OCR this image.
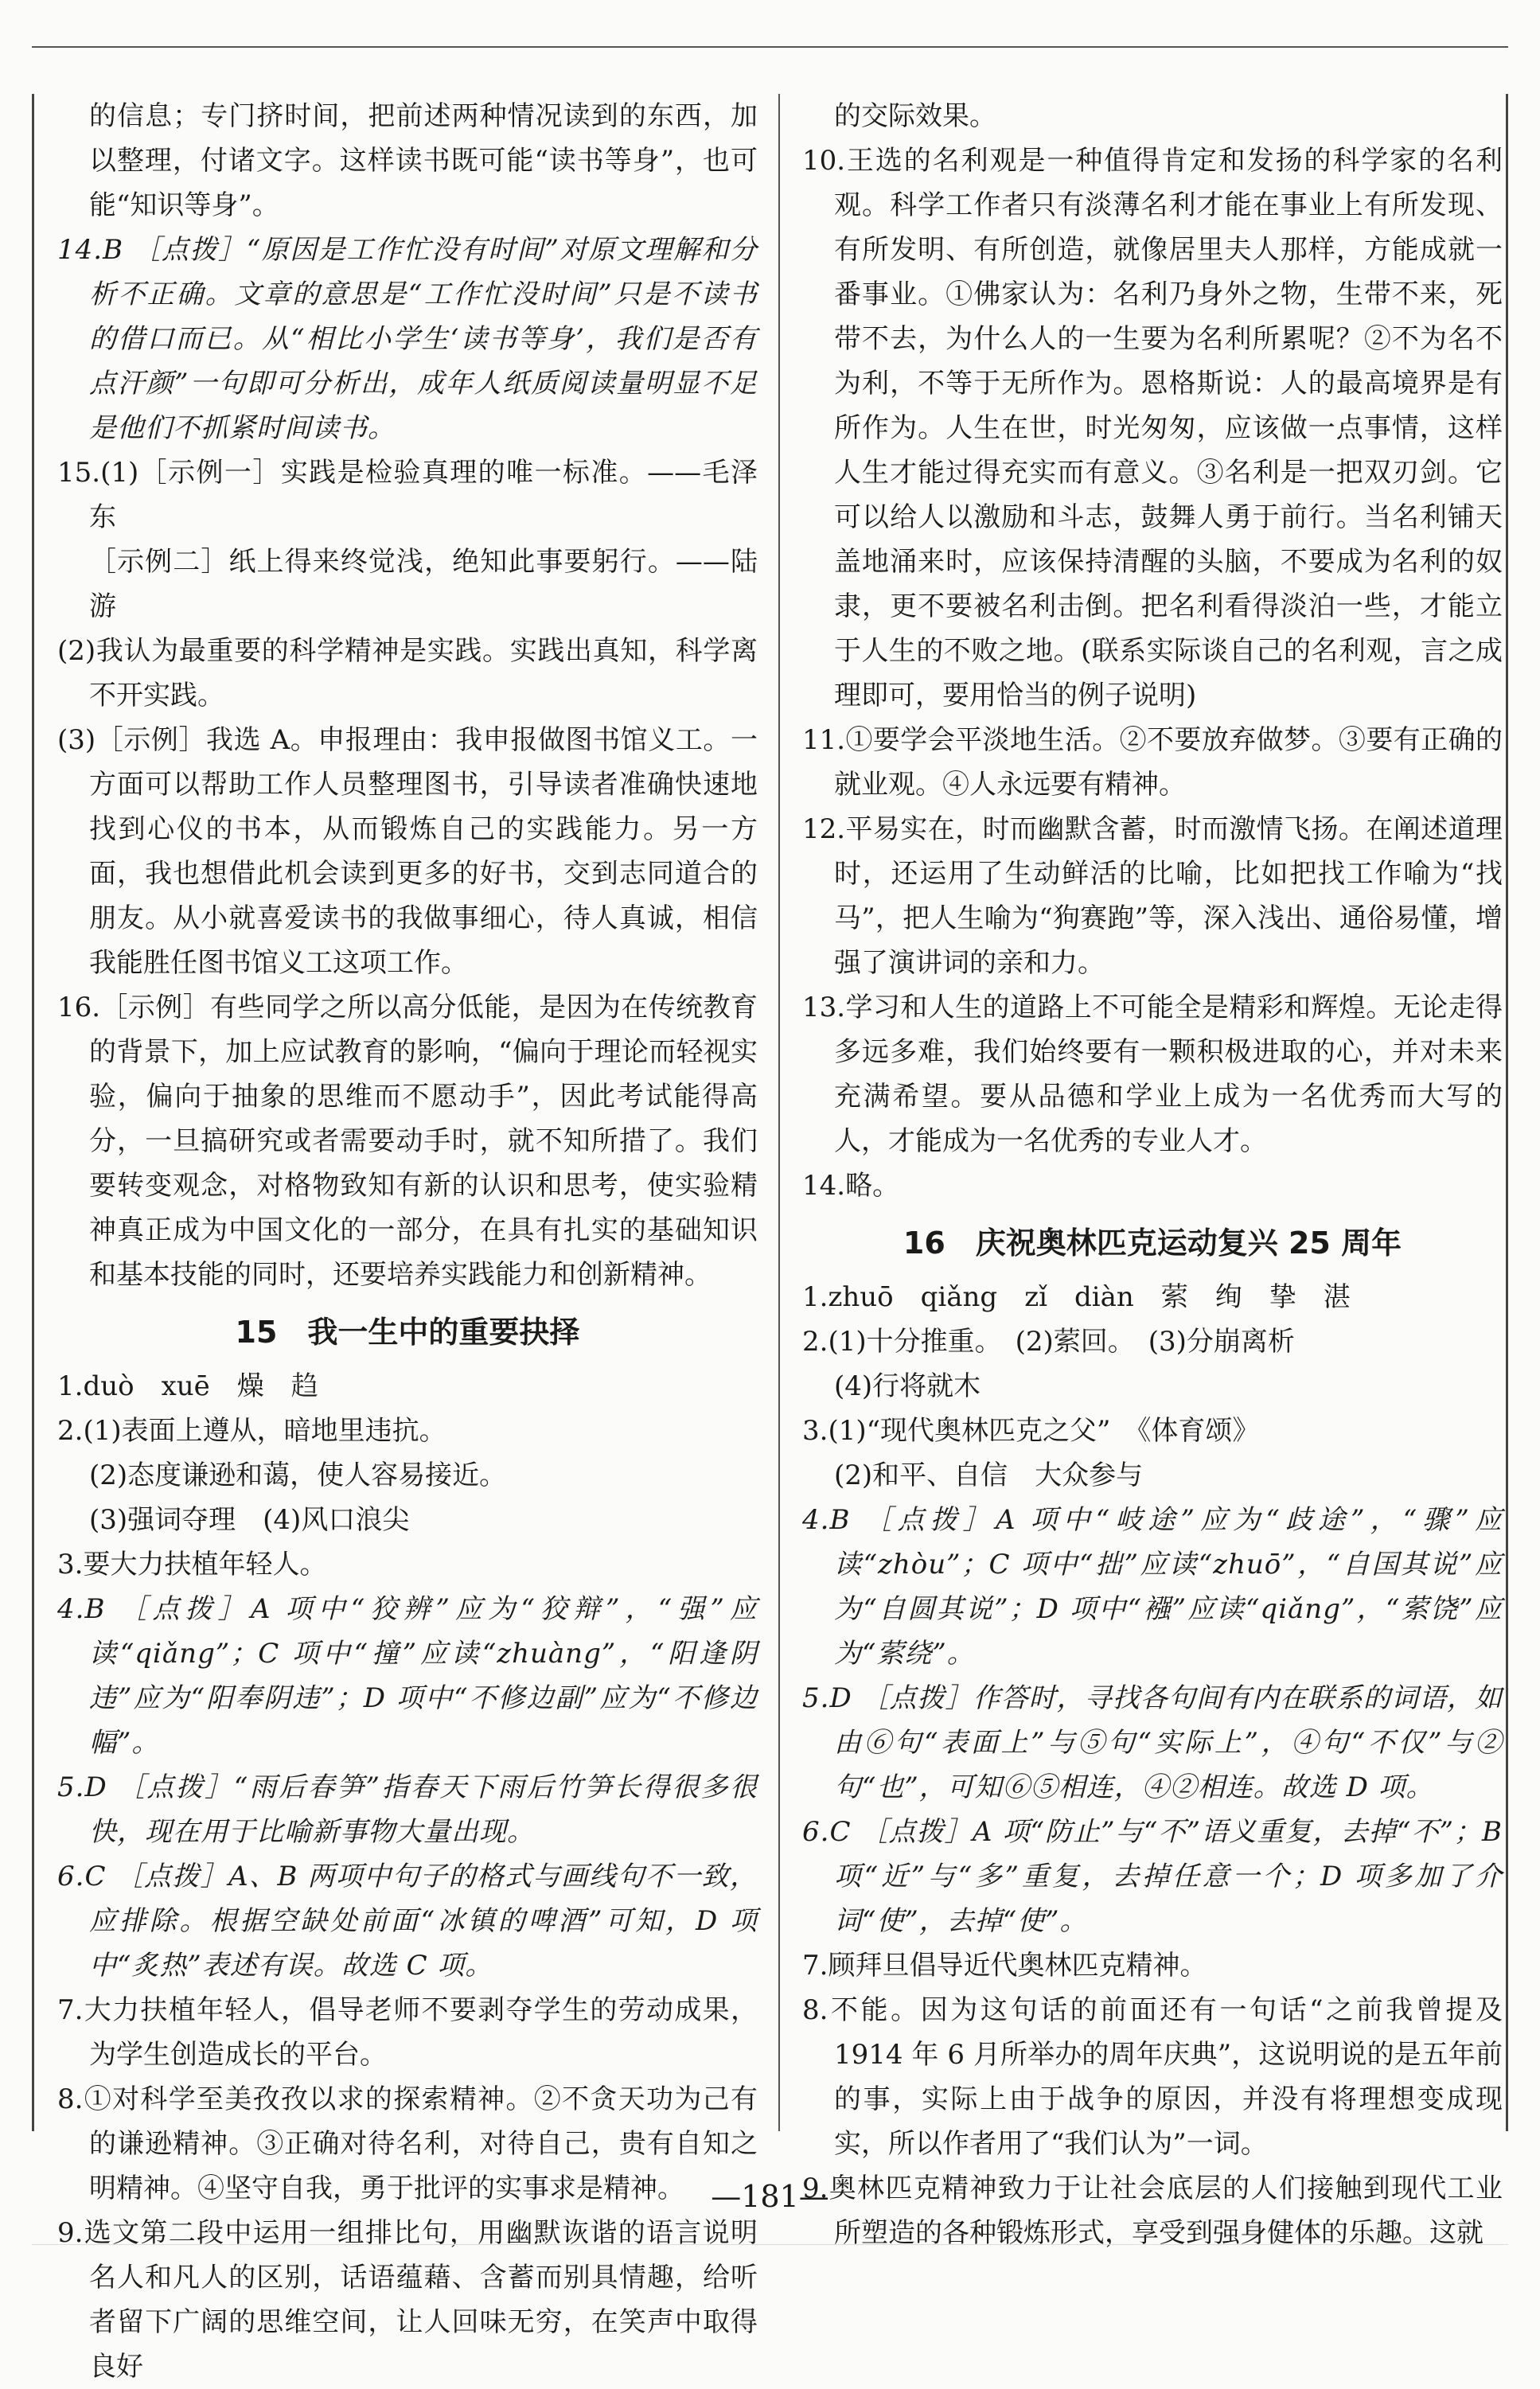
的信息；专门挤时间，把前述两种情况读到的东西，加以整理，付诸文字。这样读书既可能“读书等身”，也可能“知识等身”。

14.B ［点拨］“原因是工作忙没有时间”对原文理解和分析不正确。文章的意思是“工作忙没时间”只是不读书的借口而已。从“相比小学生‘读书等身’，我们是否有点汗颜”一句即可分析出，成年人纸质阅读量明显不足是他们不抓紧时间读书。

15.(1)［示例一］实践是检验真理的唯一标准。——毛泽东

［示例二］纸上得来终觉浅，绝知此事要躬行。——陆游

(2)我认为最重要的科学精神是实践。实践出真知，科学离不开实践。

(3)［示例］我选 A。申报理由：我申报做图书馆义工。一方面可以帮助工作人员整理图书，引导读者准确快速地找到心仪的书本，从而锻炼自己的实践能力。另一方面，我也想借此机会读到更多的好书，交到志同道合的朋友。从小就喜爱读书的我做事细心，待人真诚，相信我能胜任图书馆义工这项工作。

16.［示例］有些同学之所以高分低能，是因为在传统教育的背景下，加上应试教育的影响，“偏向于理论而轻视实验，偏向于抽象的思维而不愿动手”，因此考试能得高分，一旦搞研究或者需要动手时，就不知所措了。我们要转变观念，对格物致知有新的认识和思考，使实验精神真正成为中国文化的一部分，在具有扎实的基础知识和基本技能的同时，还要培养实践能力和创新精神。

15　我一生中的重要抉择

1.duò　xuē　燥　趋

2.(1)表面上遵从，暗地里违抗。

(2)态度谦逊和蔼，使人容易接近。

(3)强词夺理　(4)风口浪尖

3.要大力扶植年轻人。

4.B ［点拨］A 项中“狡辨”应为“狡辩”，“强”应读“qiǎng”；C 项中“撞”应读“zhuàng”，“阳逢阴违”应为“阳奉阴违”；D 项中“不修边副”应为“不修边幅”。

5.D ［点拨］“雨后春笋”指春天下雨后竹笋长得很多很快，现在用于比喻新事物大量出现。

6.C ［点拨］A、B 两项中句子的格式与画线句不一致，应排除。根据空缺处前面“冰镇的啤酒”可知，D 项中“炙热”表述有误。故选 C 项。

7.大力扶植年轻人，倡导老师不要剥夺学生的劳动成果，为学生创造成长的平台。

8.①对科学至美孜孜以求的探索精神。②不贪天功为己有的谦逊精神。③正确对待名利，对待自己，贵有自知之明精神。④坚守自我，勇于批评的实事求是精神。

9.选文第二段中运用一组排比句，用幽默诙谐的语言说明名人和凡人的区别，话语蕴藉、含蓄而别具情趣，给听者留下广阔的思维空间，让人回味无穷，在笑声中取得良好

的交际效果。

10.王选的名利观是一种值得肯定和发扬的科学家的名利观。科学工作者只有淡薄名利才能在事业上有所发现、有所发明、有所创造，就像居里夫人那样，方能成就一番事业。①佛家认为：名利乃身外之物，生带不来，死带不去，为什么人的一生要为名利所累呢？②不为名不为利，不等于无所作为。恩格斯说：人的最高境界是有所作为。人生在世，时光匆匆，应该做一点事情，这样人生才能过得充实而有意义。③名利是一把双刃剑。它可以给人以激励和斗志，鼓舞人勇于前行。当名利铺天盖地涌来时，应该保持清醒的头脑，不要成为名利的奴隶，更不要被名利击倒。把名利看得淡泊一些，才能立于人生的不败之地。(联系实际谈自己的名利观，言之成理即可，要用恰当的例子说明)

11.①要学会平淡地生活。②不要放弃做梦。③要有正确的就业观。④人永远要有精神。

12.平易实在，时而幽默含蓄，时而激情飞扬。在阐述道理时，还运用了生动鲜活的比喻，比如把找工作喻为“找马”，把人生喻为“狗赛跑”等，深入浅出、通俗易懂，增强了演讲词的亲和力。

13.学习和人生的道路上不可能全是精彩和辉煌。无论走得多远多难，我们始终要有一颗积极进取的心，并对未来充满希望。要从品德和学业上成为一名优秀而大写的人，才能成为一名优秀的专业人才。

14.略。

16　庆祝奥林匹克运动复兴 25 周年

1.zhuō　qiǎng　zǐ　diàn　萦　绚　挚　湛

2.(1)十分推重。　(2)萦回。　(3)分崩离析

(4)行将就木

3.(1)“现代奥林匹克之父”　《体育颂》

(2)和平、自信　大众参与

4.B ［点拨］A 项中“岐途”应为“歧途”，“骤”应读“zhòu”；C 项中“拙”应读“zhuō”，“自国其说”应为“自圆其说”；D 项中“襁”应读“qiǎng”，“萦饶”应为“萦绕”。

5.D ［点拨］作答时，寻找各句间有内在联系的词语，如由⑥句“表面上”与⑤句“实际上”，④句“不仅”与②句“也”，可知⑥⑤相连，④②相连。故选 D 项。

6.C ［点拨］A 项“防止”与“不”语义重复，去掉“不”；B 项“近”与“多”重复，去掉任意一个；D 项多加了介词“使”，去掉“使”。

7.顾拜旦倡导近代奥林匹克精神。

8.不能。因为这句话的前面还有一句话“之前我曾提及 1914 年 6 月所举办的周年庆典”，这说明说的是五年前的事，实际上由于战争的原因，并没有将理想变成现实，所以作者用了“我们认为”一词。

9.奥林匹克精神致力于让社会底层的人们接触到现代工业所塑造的各种锻炼形式，享受到强身健体的乐趣。这就

—181—
